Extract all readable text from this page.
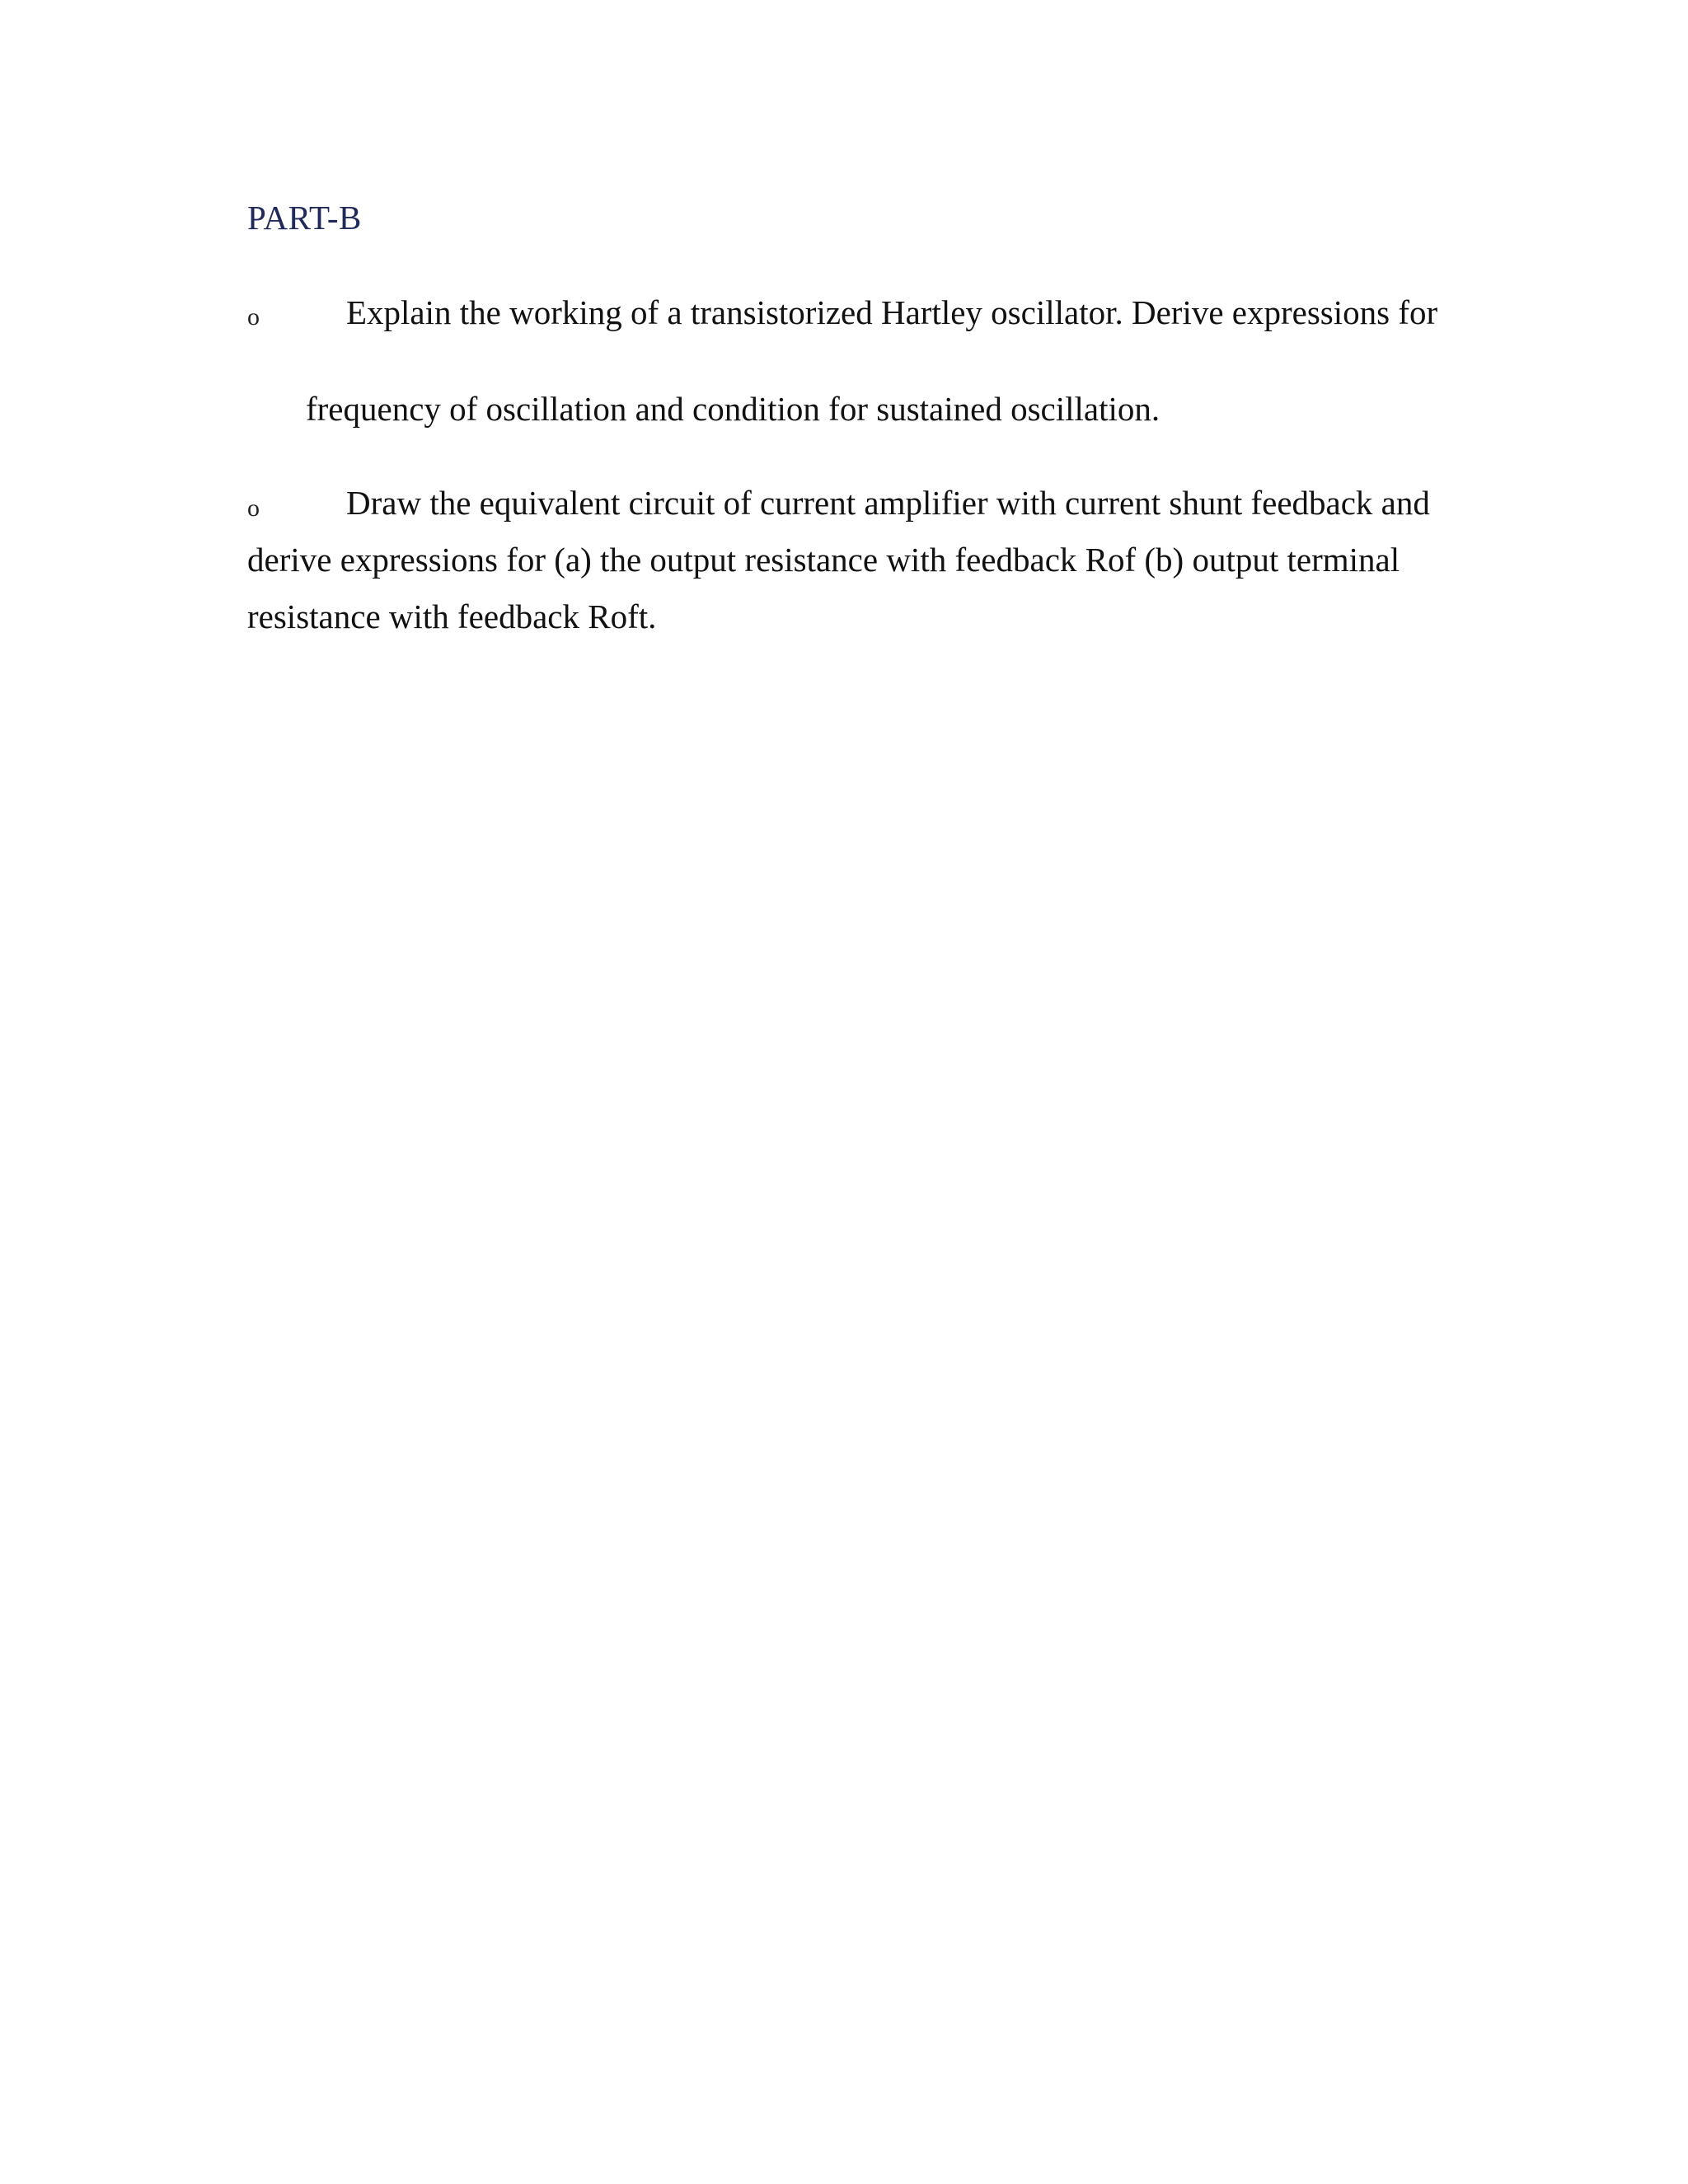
PART-B
o	Explain the working of a transistorized Hartley oscillator. Derive expressions for
frequency of oscillation and condition for sustained oscillation.
o	Draw the equivalent circuit of current amplifier with current shunt feedback and
derive expressions for (a) the output resistance with feedback Rof (b) output terminal
resistance with feedback Roft.
